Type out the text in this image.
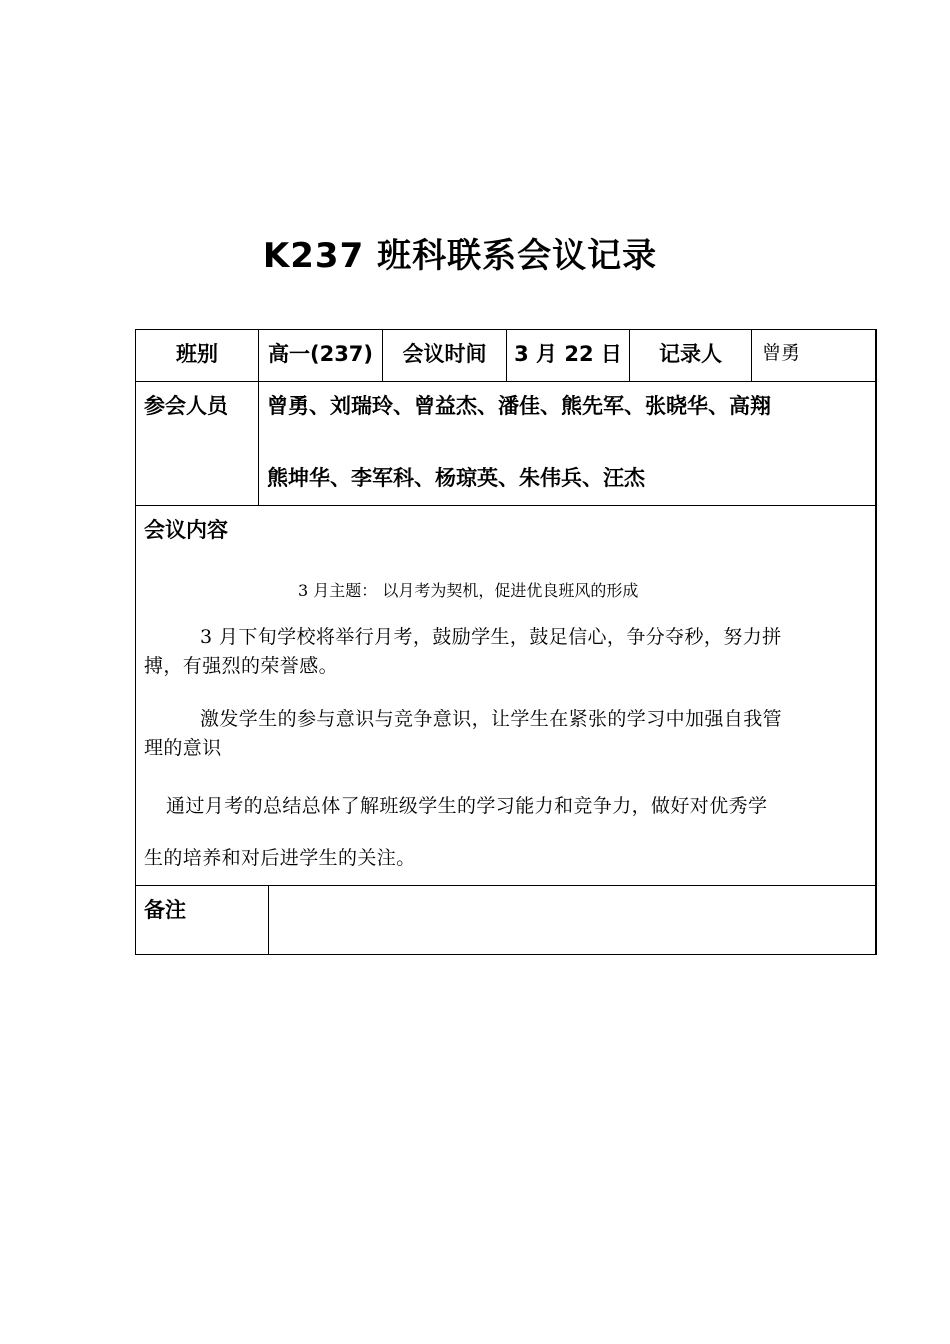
K237 班科联系会议记录
班别	高一(237)	会议时间	3 月 22 日	记录人	曾勇
参会人员	曾勇、刘瑞玲、曾益杰、潘佳、熊先军、张晓华、高翔
熊坤华、李军科、杨琼英、朱伟兵、汪杰
会议内容
3 月主题： 以月考为契机，促进优良班风的形成
3 月下旬学校将举行月考，鼓励学生，鼓足信心，争分夺秒，努力拼
搏，有强烈的荣誉感。
激发学生的参与意识与竞争意识，让学生在紧张的学习中加强自我管
理的意识
通过月考的总结总体了解班级学生的学习能力和竞争力，做好对优秀学
生的培养和对后进学生的关注。
备注
